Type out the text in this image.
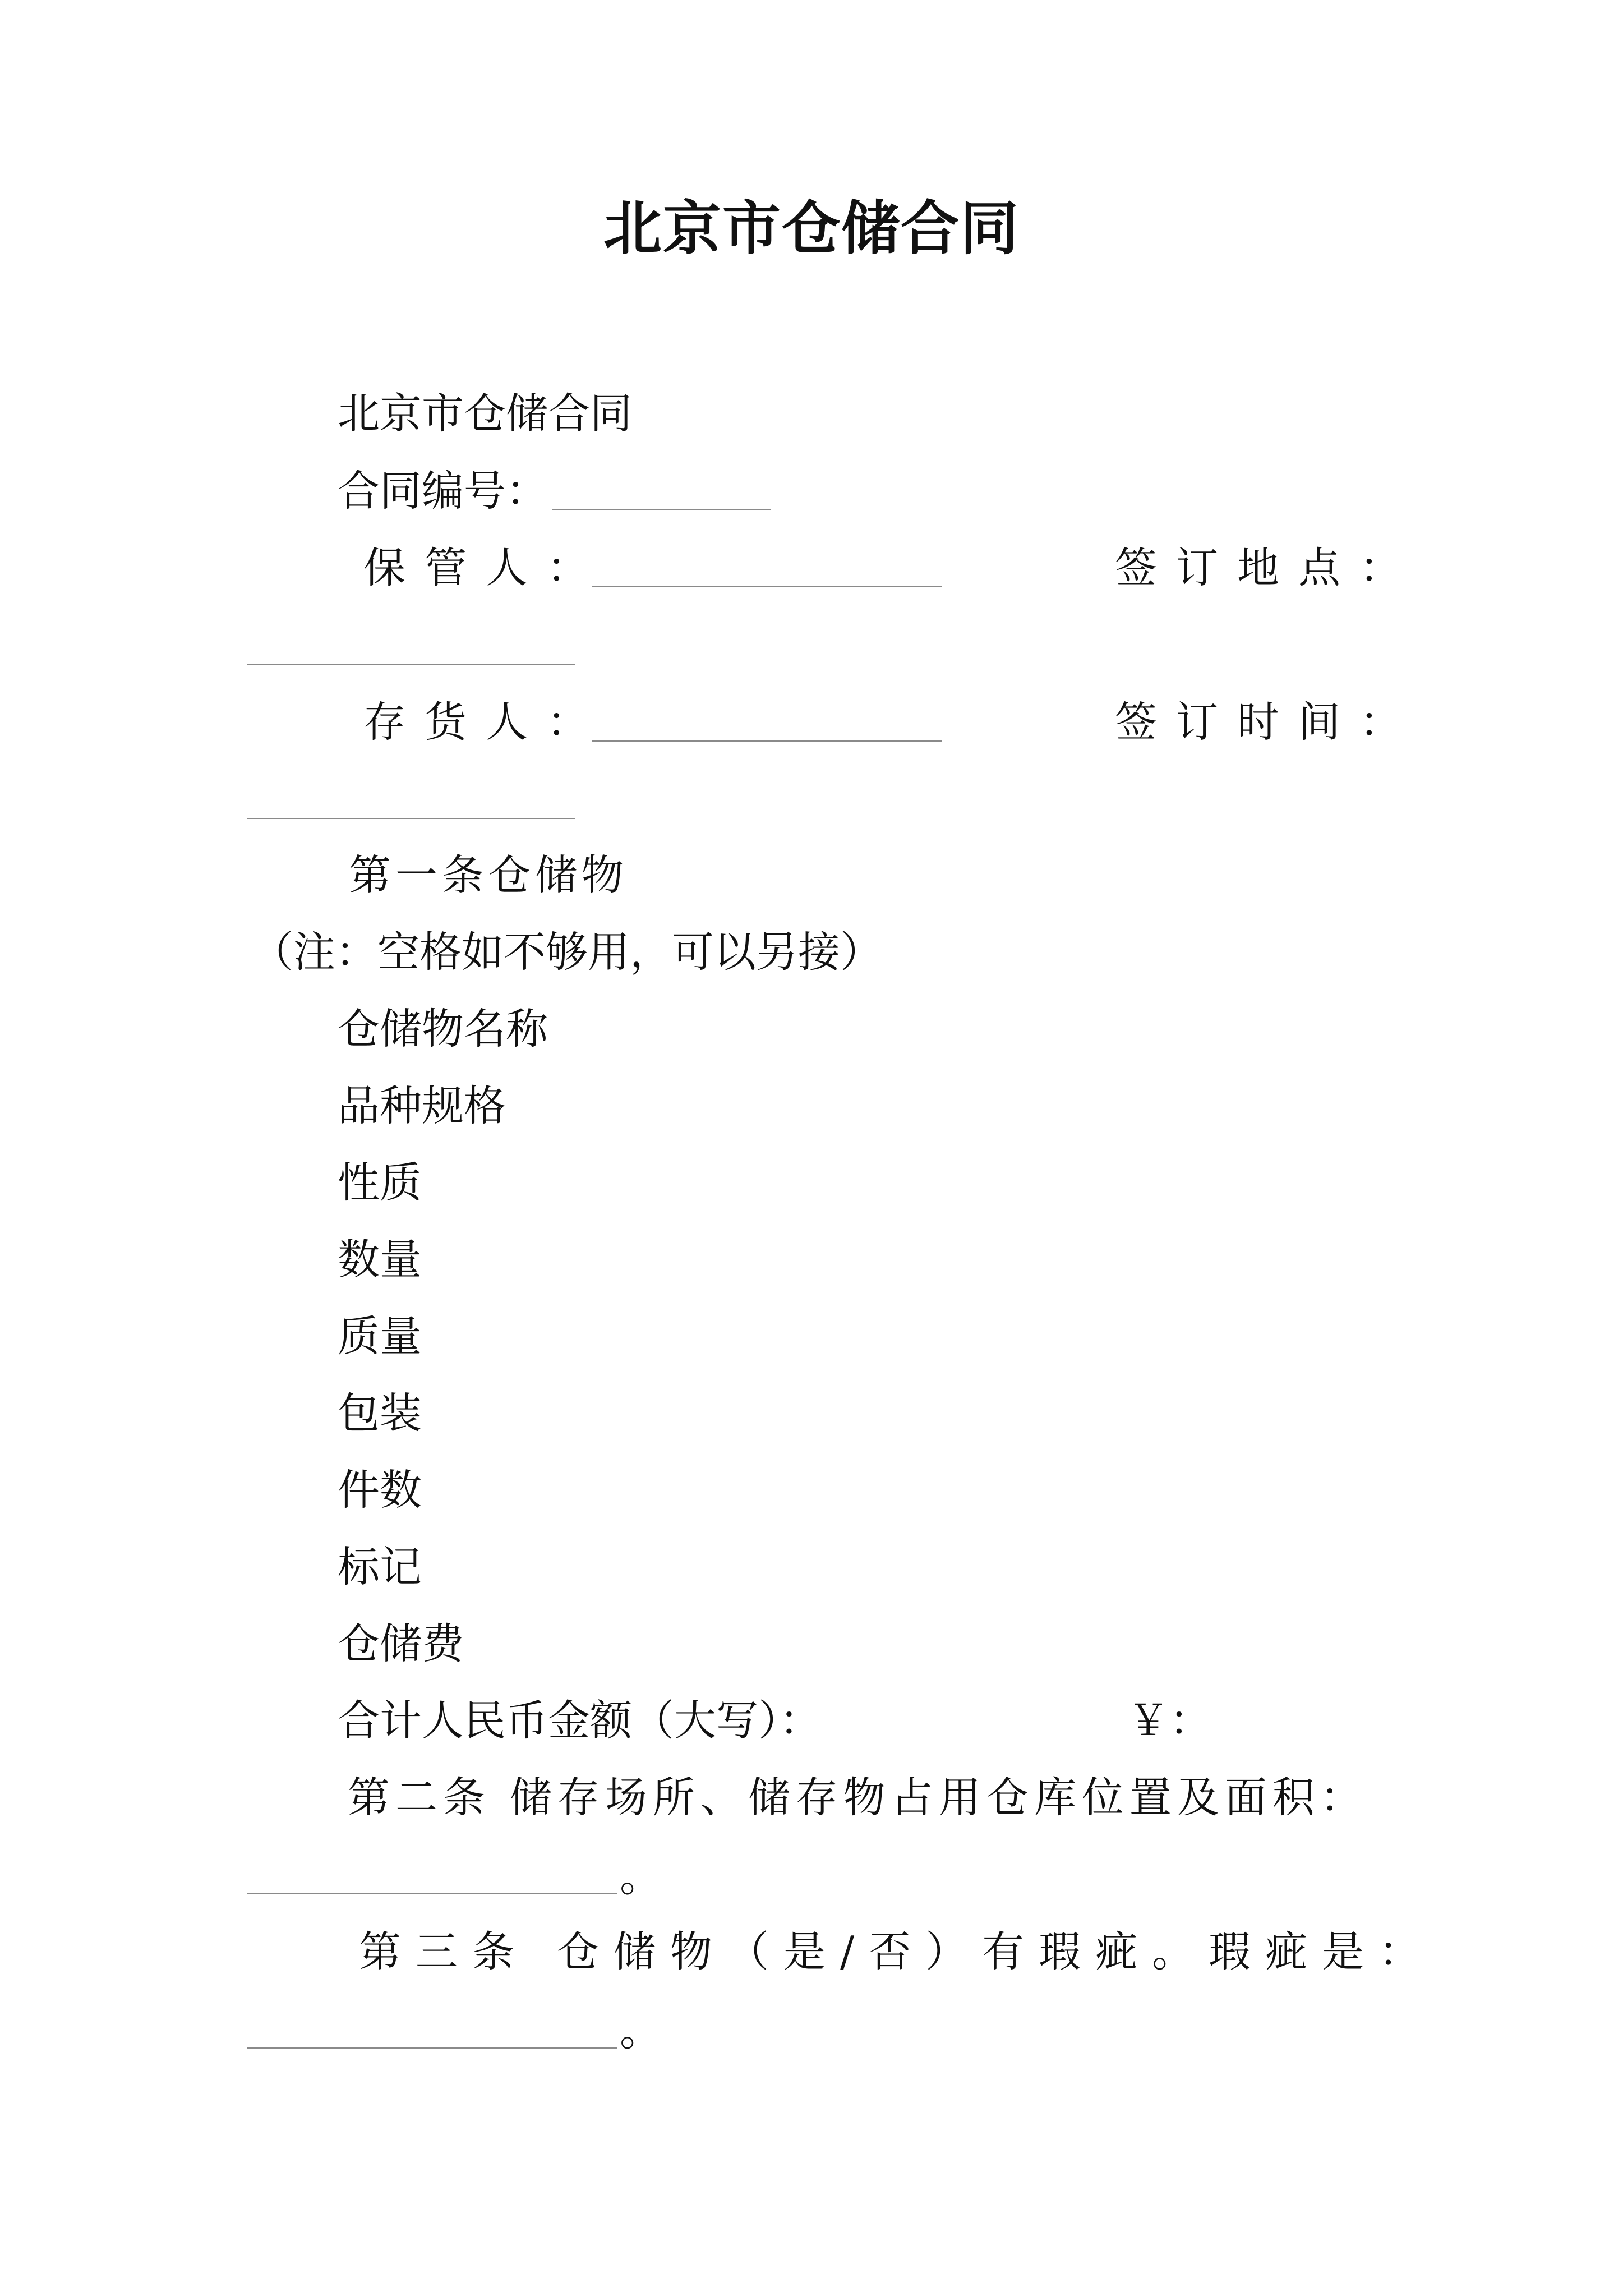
北京市仓储合同
北京市仓储合同
合同编号：
保管人：	签订地点：
存货人：	签订时间：
第一条仓储物
（注：空格如不够用，可以另接）
仓储物名称
品种规格
性质
数量
质量
包装
件数
标记
仓储费
合计人民币金额（大写）：	￥：
第二条 储存场所、储存物占用仓库位置及面积：
。
第三条 仓储物（是/否）有瑕疵。瑕疵是：
。
